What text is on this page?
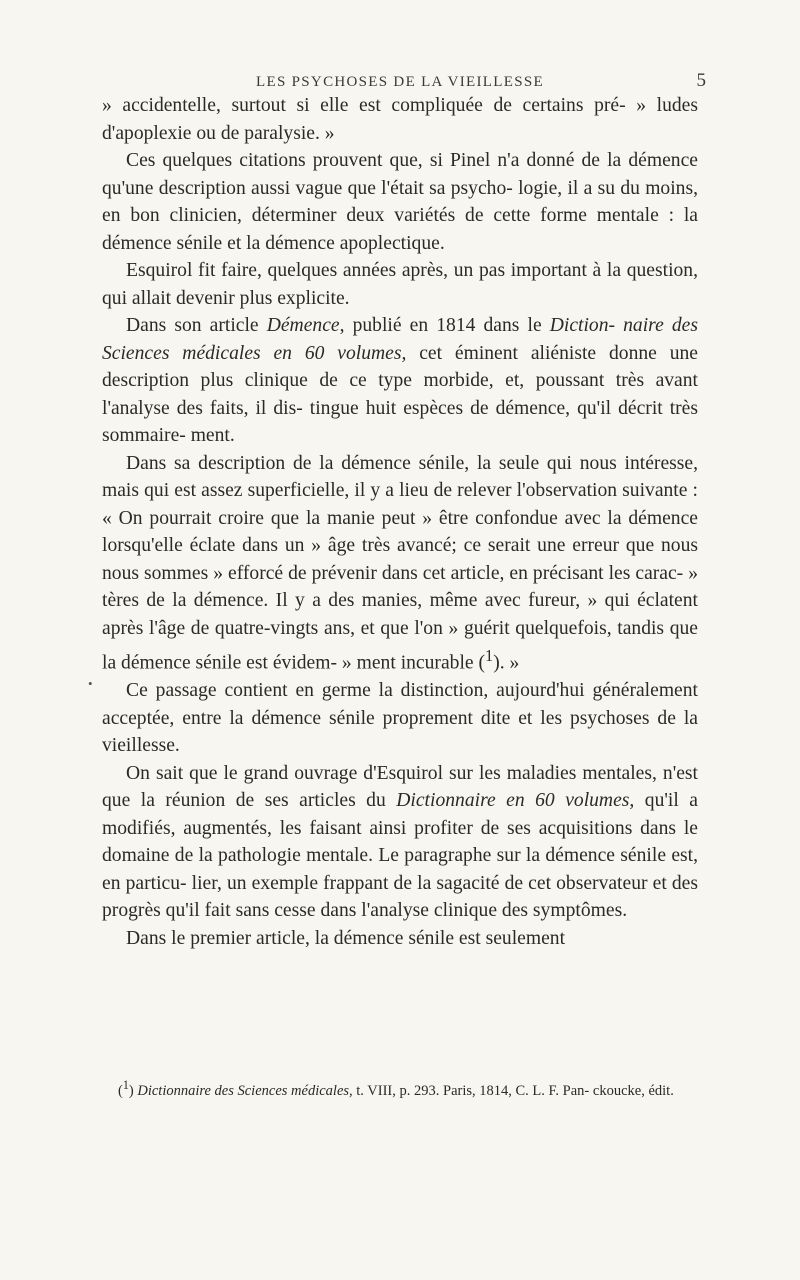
LES PSYCHOSES DE LA VIEILLESSE	5

» accidentelle, surtout si elle est compliquée de certains pré- » ludes d'apoplexie ou de paralysie. »

Ces quelques citations prouvent que, si Pinel n'a donné de la démence qu'une description aussi vague que l'était sa psycho- logie, il a su du moins, en bon clinicien, déterminer deux variétés de cette forme mentale : la démence sénile et la démence apoplectique.

Esquirol fit faire, quelques années après, un pas important à la question, qui allait devenir plus explicite.

Dans son article Démence, publié en 1814 dans le Diction- naire des Sciences médicales en 60 volumes, cet éminent aliéniste donne une description plus clinique de ce type morbide, et, poussant très avant l'analyse des faits, il dis- tingue huit espèces de démence, qu'il décrit très sommaire- ment.

Dans sa description de la démence sénile, la seule qui nous intéresse, mais qui est assez superficielle, il y a lieu de relever l'observation suivante : « On pourrait croire que la manie peut » être confondue avec la démence lorsqu'elle éclate dans un » âge très avancé; ce serait une erreur que nous nous sommes » efforcé de prévenir dans cet article, en précisant les carac- » tères de la démence. Il y a des manies, même avec fureur, » qui éclatent après l'âge de quatre-vingts ans, et que l'on » guérit quelquefois, tandis que la démence sénile est évidem- » ment incurable ($^1$). »

Ce passage contient en germe la distinction, aujourd'hui généralement acceptée, entre la démence sénile proprement dite et les psychoses de la vieillesse.

On sait que le grand ouvrage d'Esquirol sur les maladies mentales, n'est que la réunion de ses articles du Dictionnaire en 60 volumes, qu'il a modifiés, augmentés, les faisant ainsi profiter de ses acquisitions dans le domaine de la pathologie mentale. Le paragraphe sur la démence sénile est, en particu- lier, un exemple frappant de la sagacité de cet observateur et des progrès qu'il fait sans cesse dans l'analyse clinique des symptômes.

Dans le premier article, la démence sénile est seulement

($^1$) Dictionnaire des Sciences médicales, t. VIII, p. 293. Paris, 1814, C. L. F. Pan- ckoucke, édit.

•
